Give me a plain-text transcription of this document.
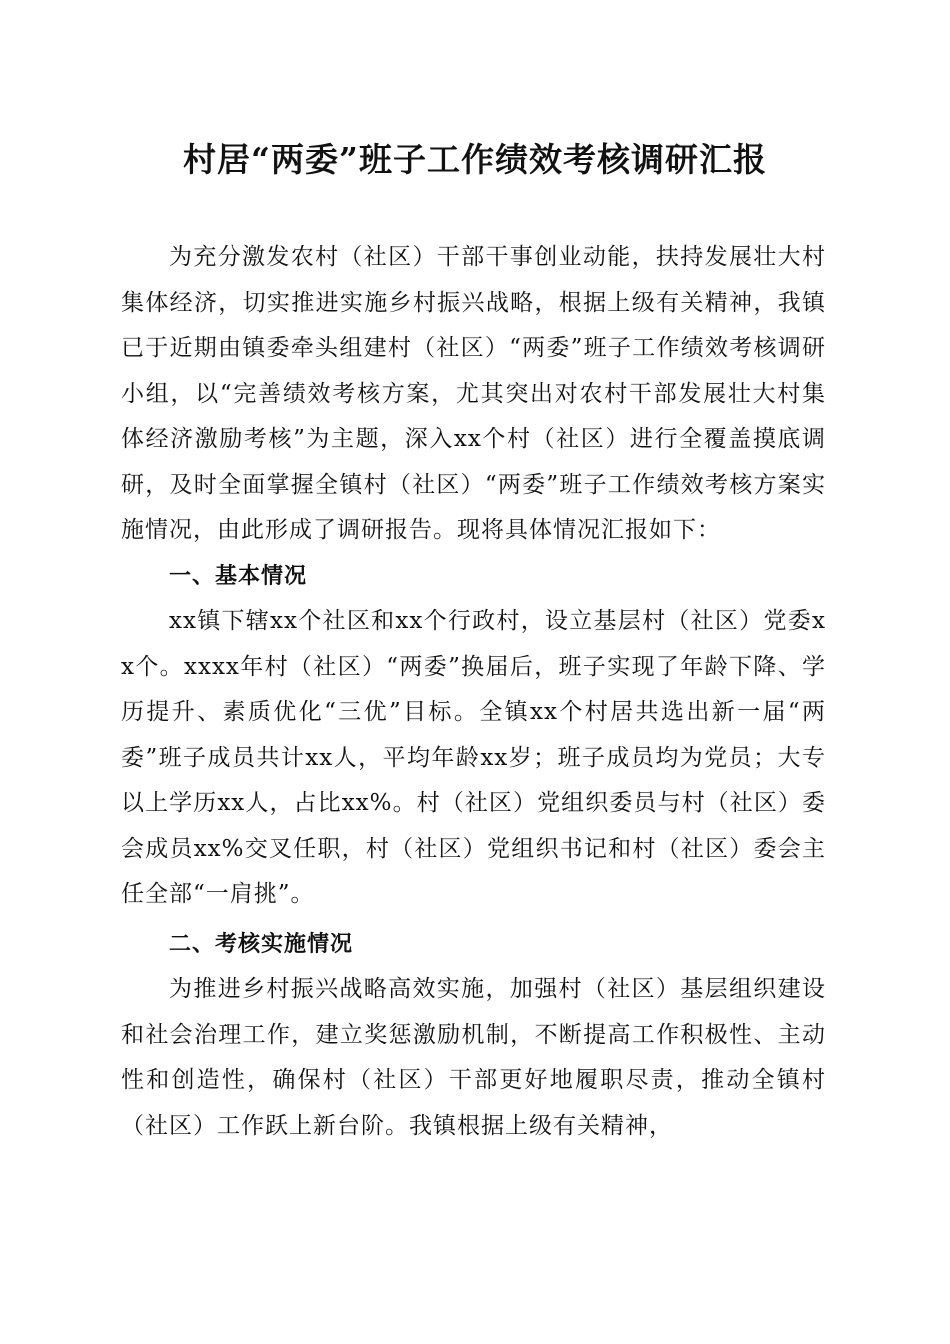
村居“两委”班子工作绩效考核调研汇报

为充分激发农村（社区）干部干事创业动能，扶持发展壮大村集体经济，切实推进实施乡村振兴战略，根据上级有关精神，我镇已于近期由镇委牵头组建村（社区）“两委”班子工作绩效考核调研小组，以“完善绩效考核方案，尤其突出对农村干部发展壮大村集体经济激励考核”为主题，深入xx个村（社区）进行全覆盖摸底调研，及时全面掌握全镇村（社区）“两委”班子工作绩效考核方案实施情况，由此形成了调研报告。现将具体情况汇报如下：

一、基本情况

xx镇下辖xx个社区和xx个行政村，设立基层村（社区）党委xx个。xxxx年村（社区）“两委”换届后，班子实现了年龄下降、学历提升、素质优化“三优”目标。全镇xx个村居共选出新一届“两委”班子成员共计xx人，平均年龄xx岁；班子成员均为党员；大专以上学历xx人，占比xx%。村（社区）党组织委员与村（社区）委会成员xx%交叉任职，村（社区）党组织书记和村（社区）委会主任全部“一肩挑”。

二、考核实施情况

为推进乡村振兴战略高效实施，加强村（社区）基层组织建设和社会治理工作，建立奖惩激励机制，不断提高工作积极性、主动性和创造性，确保村（社区）干部更好地履职尽责，推动全镇村（社区）工作跃上新台阶。我镇根据上级有关精神，
